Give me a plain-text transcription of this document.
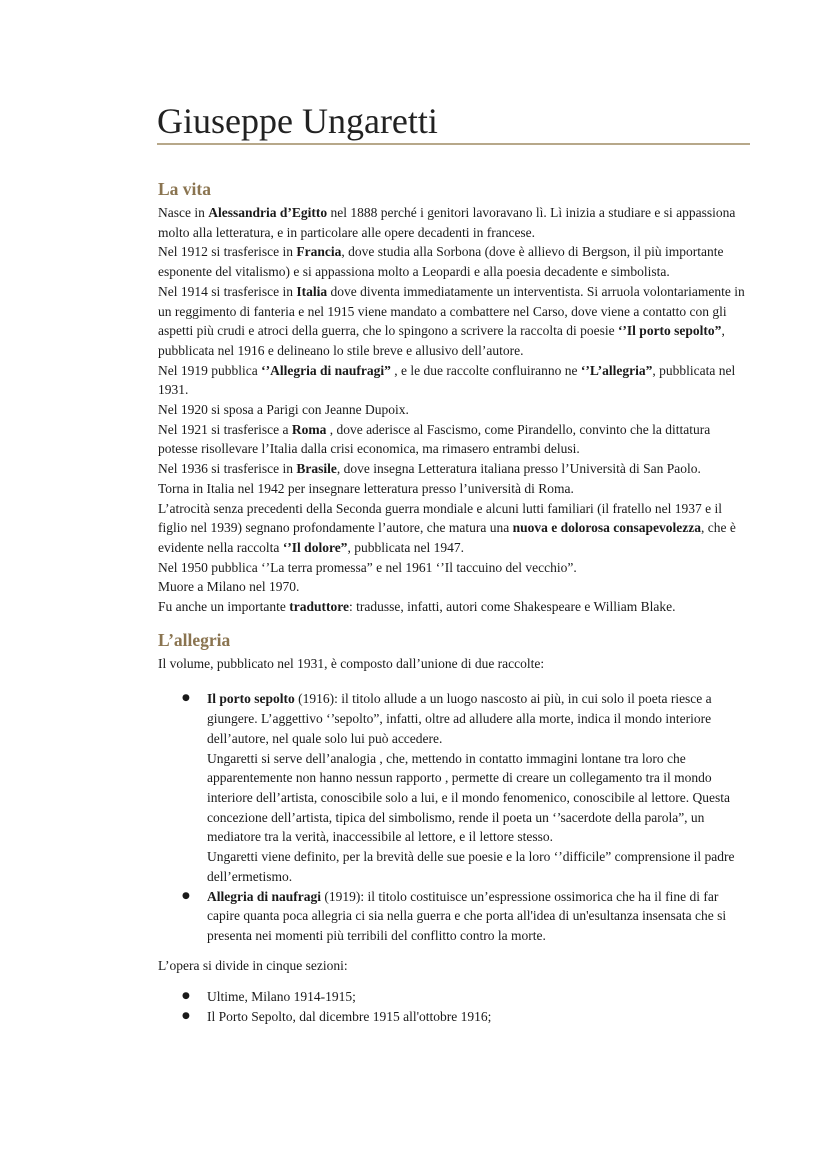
Giuseppe Ungaretti
La vita

Nasce in Alessandria d’Egitto nel 1888 perché i genitori lavoravano lì. Lì inizia a studiare e si appassiona molto alla letteratura, e in particolare alle opere decadenti in francese.

Nel 1912 si trasferisce in Francia, dove studia alla Sorbona (dove è allievo di Bergson, il più importante esponente del vitalismo) e si appassiona molto a Leopardi e alla poesia decadente e simbolista.

Nel 1914 si trasferisce in Italia dove diventa immediatamente un interventista. Si arruola volontariamente in un reggimento di fanteria e nel 1915 viene mandato a combattere nel Carso, dove viene a contatto con gli aspetti più crudi e atroci della guerra, che lo spingono a scrivere la raccolta di poesie ‘’Il porto sepolto”, pubblicata nel 1916 e delineano lo stile breve e allusivo dell’autore.

Nel 1919 pubblica ‘’Allegria di naufragi” , e le due raccolte confluiranno ne ‘’L’allegria”, pubblicata nel 1931.

Nel 1920 si sposa a Parigi con Jeanne Dupoix.

Nel 1921 si trasferisce a Roma , dove aderisce al Fascismo, come Pirandello, convinto che la dittatura potesse risollevare l’Italia dalla crisi economica, ma rimasero entrambi delusi.

Nel 1936 si trasferisce in Brasile, dove insegna Letteratura italiana presso l’Università di San Paolo.

Torna in Italia nel 1942 per insegnare letteratura presso l’università di Roma.

L’atrocità senza precedenti della Seconda guerra mondiale e alcuni lutti familiari (il fratello nel 1937 e il figlio nel 1939) segnano profondamente l’autore, che matura una nuova e dolorosa consapevolezza, che è evidente nella raccolta ‘’Il dolore”, pubblicata nel 1947.

Nel 1950 pubblica ‘’La terra promessa” e nel 1961 ‘’Il taccuino del vecchio”.

Muore a Milano nel 1970.

Fu anche un importante traduttore: tradusse, infatti, autori come Shakespeare e William Blake.

L’allegria

Il volume, pubblicato nel 1931, è composto dall’unione di due raccolte:

● Il porto sepolto (1916): il titolo allude a un luogo nascosto ai più, in cui solo il poeta riesce a giungere. L’aggettivo ‘’sepolto”, infatti, oltre ad alludere alla morte, indica il mondo interiore dell’autore, nel quale solo lui può accedere.

Ungaretti si serve dell’analogia , che, mettendo in contatto immagini lontane tra loro che apparentemente non hanno nessun rapporto , permette di creare un collegamento tra il mondo interiore dell’artista, conoscibile solo a lui, e il mondo fenomenico, conoscibile al lettore. Questa concezione dell’artista, tipica del simbolismo, rende il poeta un ‘’sacerdote della parola”, un mediatore tra la verità, inaccessibile al lettore, e il lettore stesso.

Ungaretti viene definito, per la brevità delle sue poesie e la loro ‘’difficile” comprensione il padre dell’ermetismo.

● Allegria di naufragi (1919): il titolo costituisce un’espressione ossimorica che ha il fine di far capire quanta poca allegria ci sia nella guerra e che porta all'idea di un'esultanza insensata che si presenta nei momenti più terribili del conflitto contro la morte.

L’opera si divide in cinque sezioni:

● Ultime, Milano 1914-1915;
● Il Porto Sepolto, dal dicembre 1915 all'ottobre 1916;
